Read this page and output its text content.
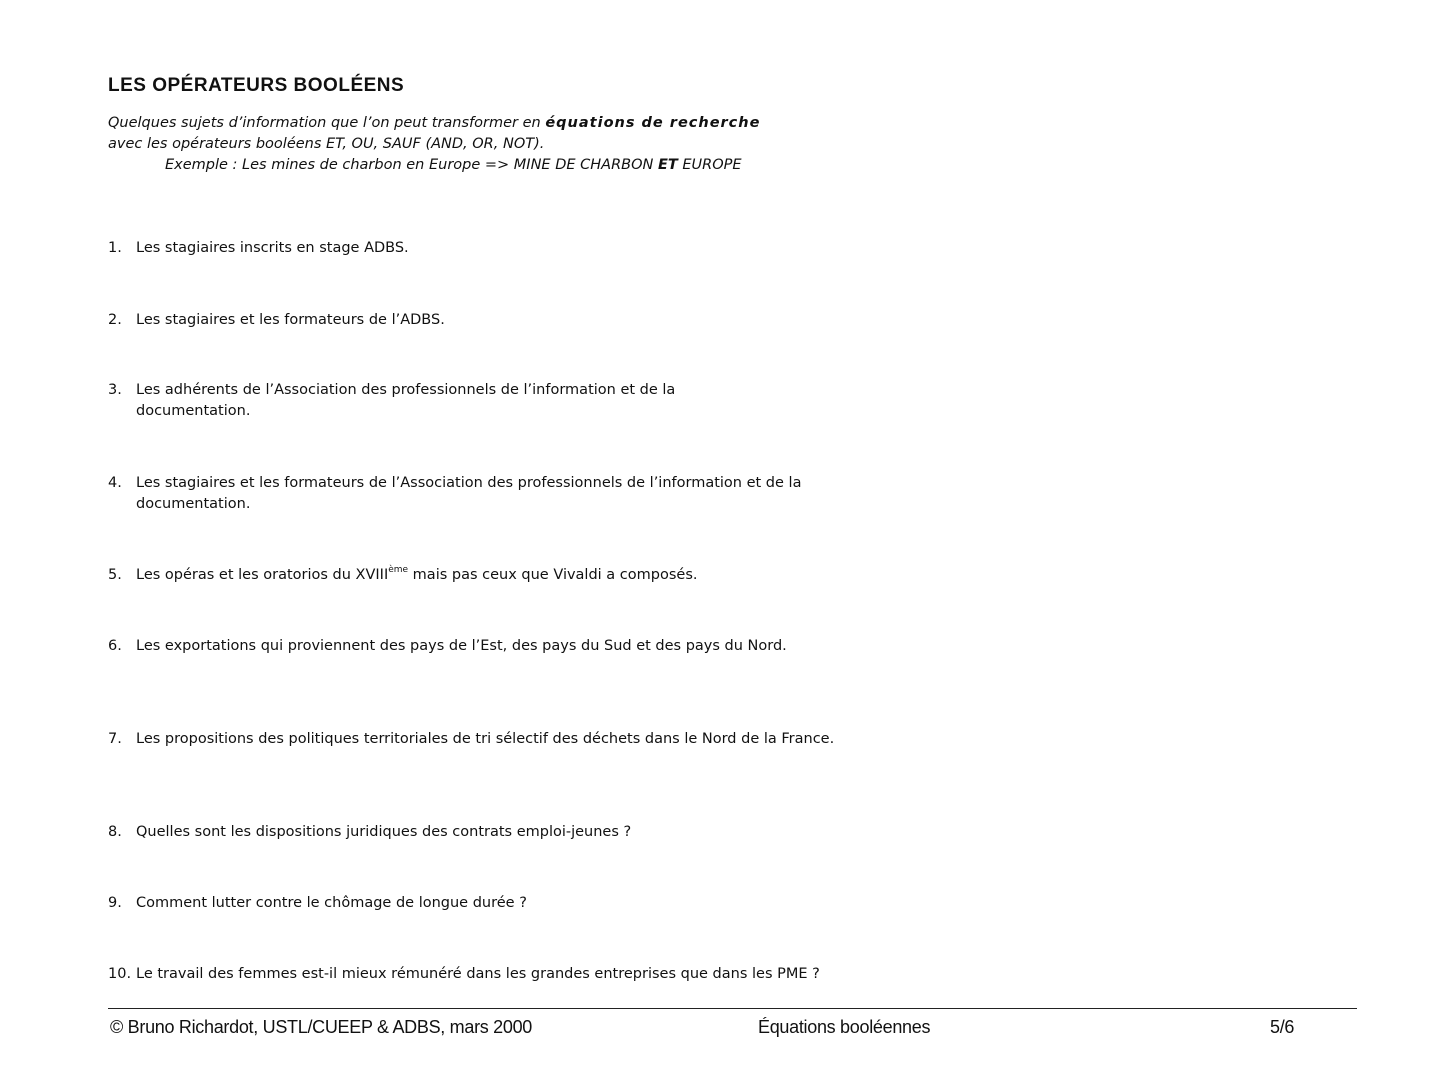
LES OPÉRATEURS BOOLÉENS
Quelques sujets d’information que l’on peut transformer en équations de recherche
avec les opérateurs booléens ET, OU, SAUF (AND, OR, NOT).

Exemple : Les mines de charbon en Europe => MINE DE CHARBON ET EUROPE
1. Les stagiaires inscrits en stage ADBS.
2. Les stagiaires et les formateurs de l’ADBS.
3. Les adhérents de l’Association des professionnels de l’information et de la documentation.
4. Les stagiaires et les formateurs de l’Association des professionnels de l’information et de la documentation.
5. Les opéras et les oratorios du XVIIIème mais pas ceux que Vivaldi a composés.
6. Les exportations qui proviennent des pays de l’Est, des pays du Sud et des pays du Nord.
7. Les propositions des politiques territoriales de tri sélectif des déchets dans le Nord de la France.
8. Quelles sont les dispositions juridiques des contrats emploi-jeunes ?
9. Comment lutter contre le chômage de longue durée ?
10. Le travail des femmes est-il mieux rémunéré dans les grandes entreprises que dans les PME ?
© Bruno Richardot, USTL/CUEEP & ADBS, mars 2000	Équations booléennes	5/6
